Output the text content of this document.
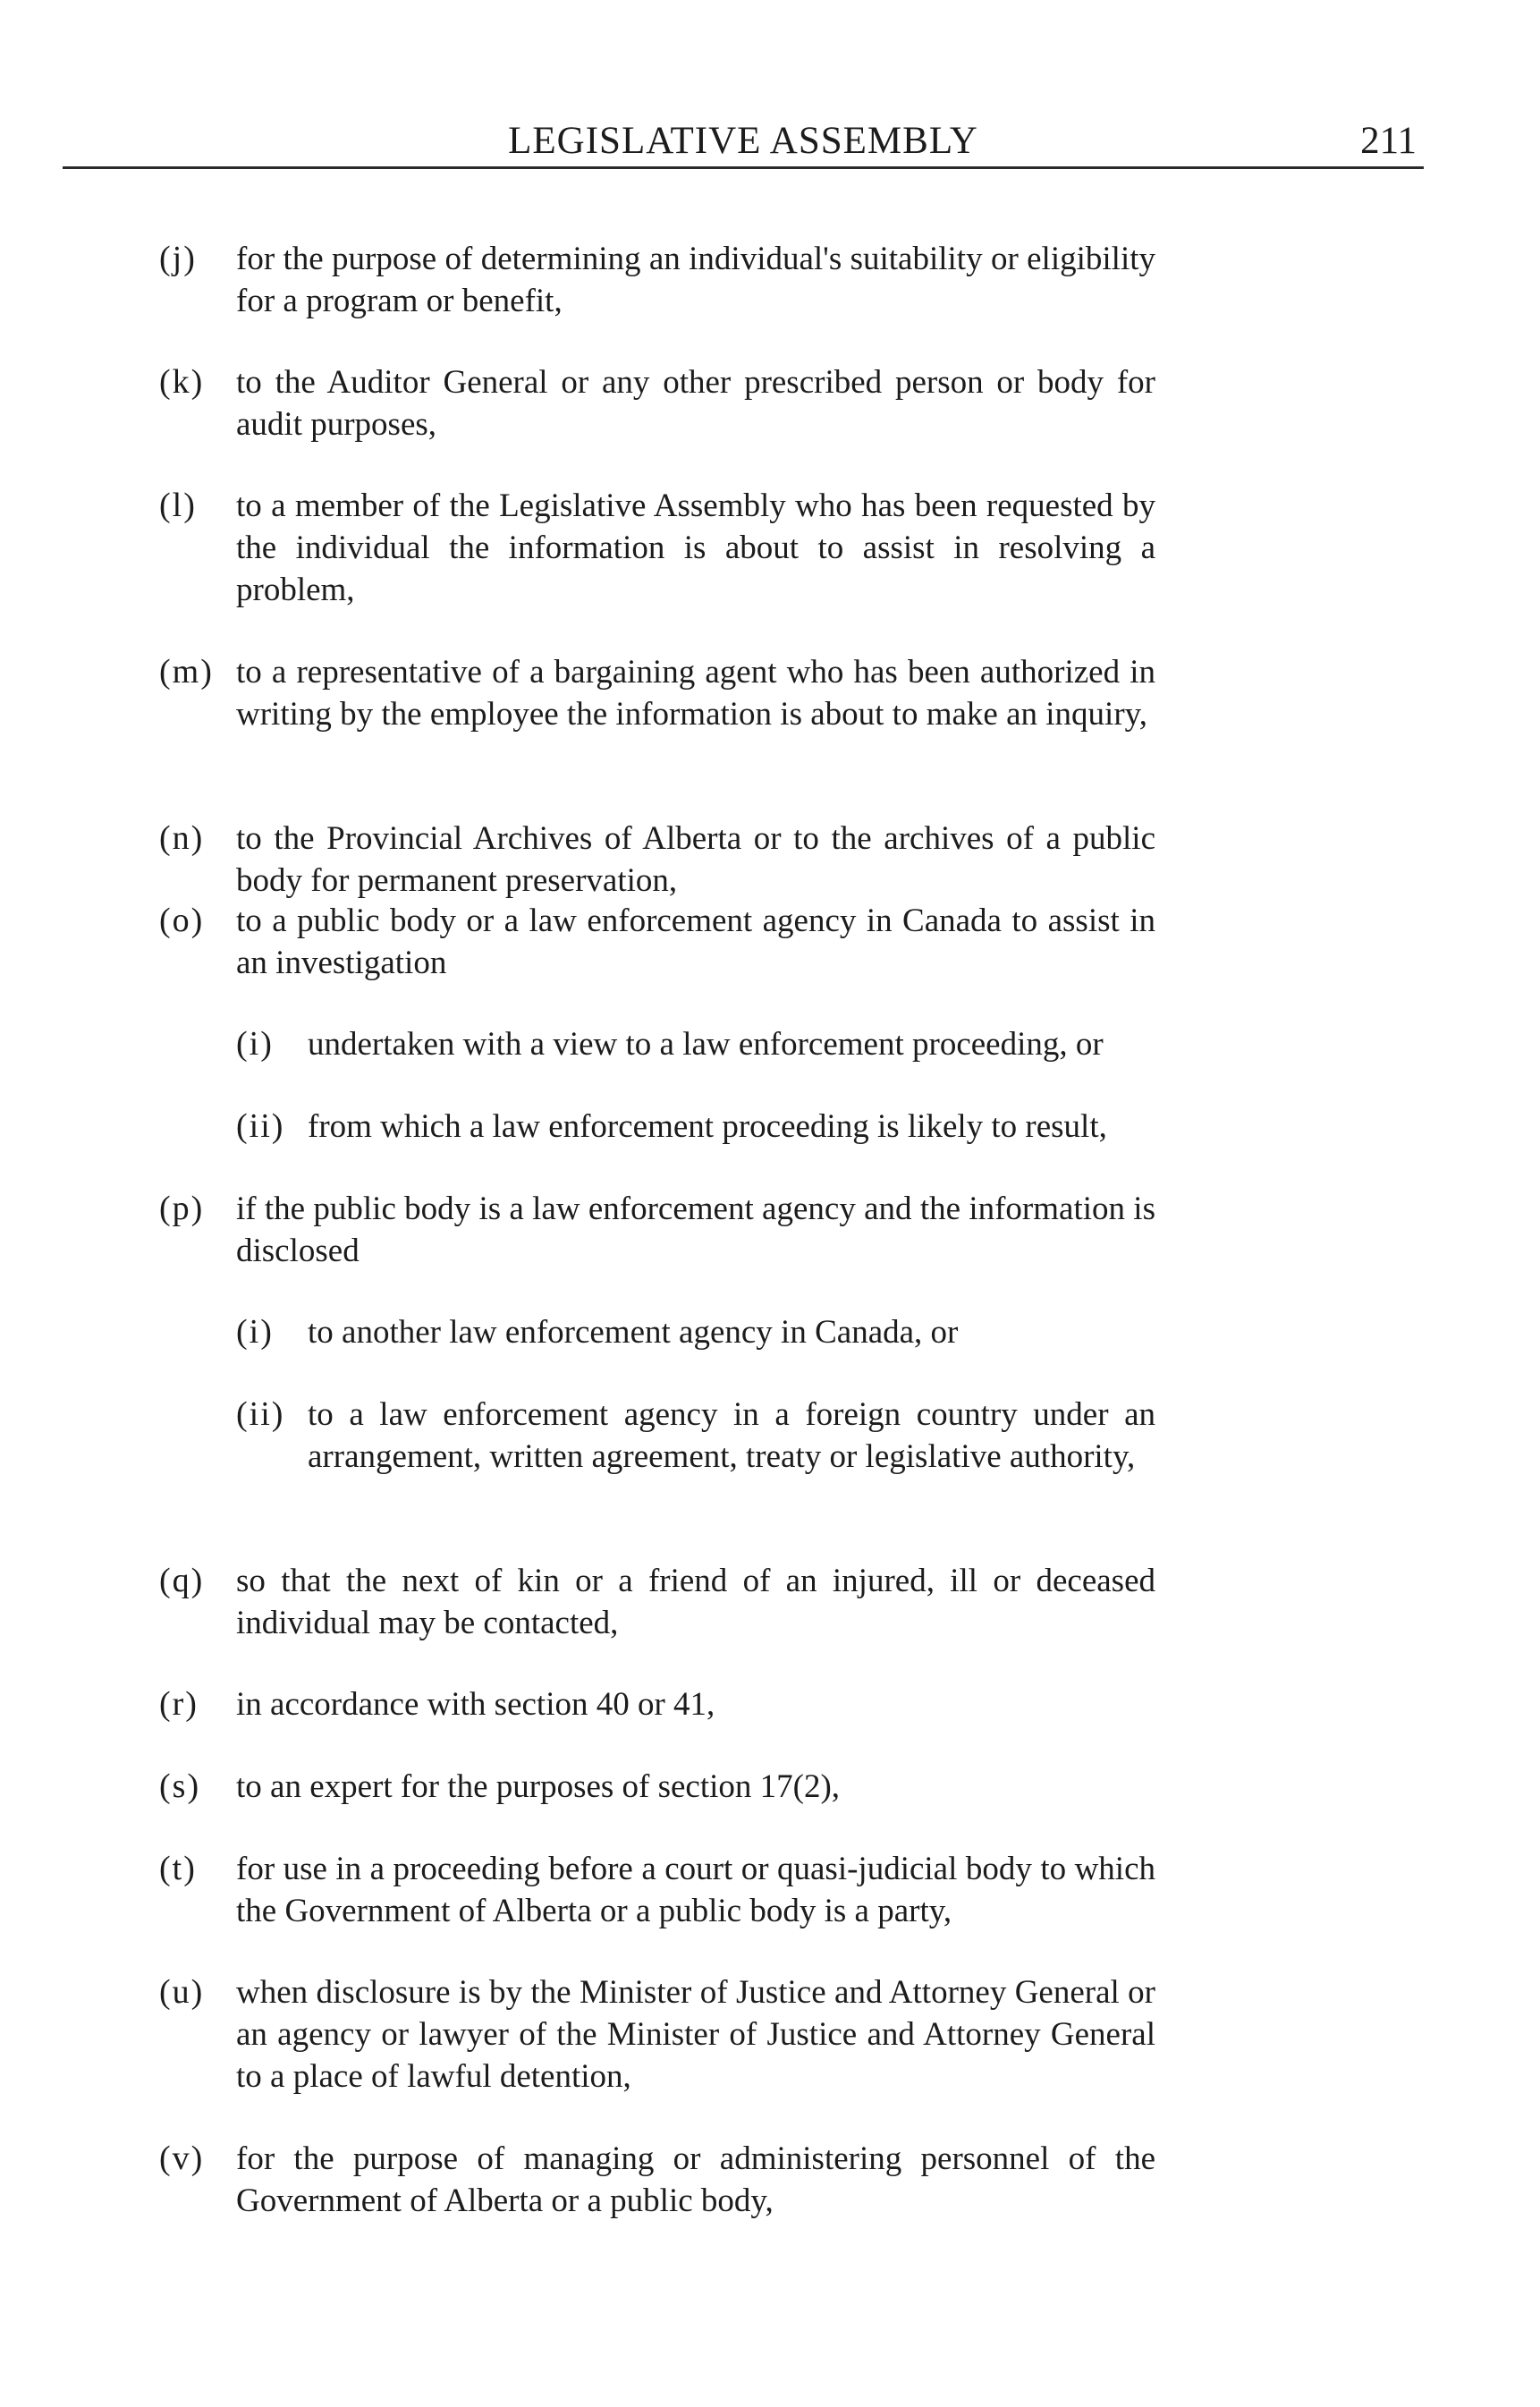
LEGISLATIVE ASSEMBLY	211
(j) for the purpose of determining an individual's suitability or eligibility for a program or benefit,
(k) to the Auditor General or any other prescribed person or body for audit purposes,
(l) to a member of the Legislative Assembly who has been requested by the individual the information is about to assist in resolving a problem,
(m) to a representative of a bargaining agent who has been authorized in writing by the employee the information is about to make an inquiry,
(n) to the Provincial Archives of Alberta or to the archives of a public body for permanent preservation,
(o) to a public body or a law enforcement agency in Canada to assist in an investigation
(i) undertaken with a view to a law enforcement proceeding, or
(ii) from which a law enforcement proceeding is likely to result,
(p) if the public body is a law enforcement agency and the information is disclosed
(i) to another law enforcement agency in Canada, or
(ii) to a law enforcement agency in a foreign country under an arrangement, written agreement, treaty or legislative authority,
(q) so that the next of kin or a friend of an injured, ill or deceased individual may be contacted,
(r) in accordance with section 40 or 41,
(s) to an expert for the purposes of section 17(2),
(t) for use in a proceeding before a court or quasi-judicial body to which the Government of Alberta or a public body is a party,
(u) when disclosure is by the Minister of Justice and Attorney General or an agency or lawyer of the Minister of Justice and Attorney General to a place of lawful detention,
(v) for the purpose of managing or administering personnel of the Government of Alberta or a public body,
